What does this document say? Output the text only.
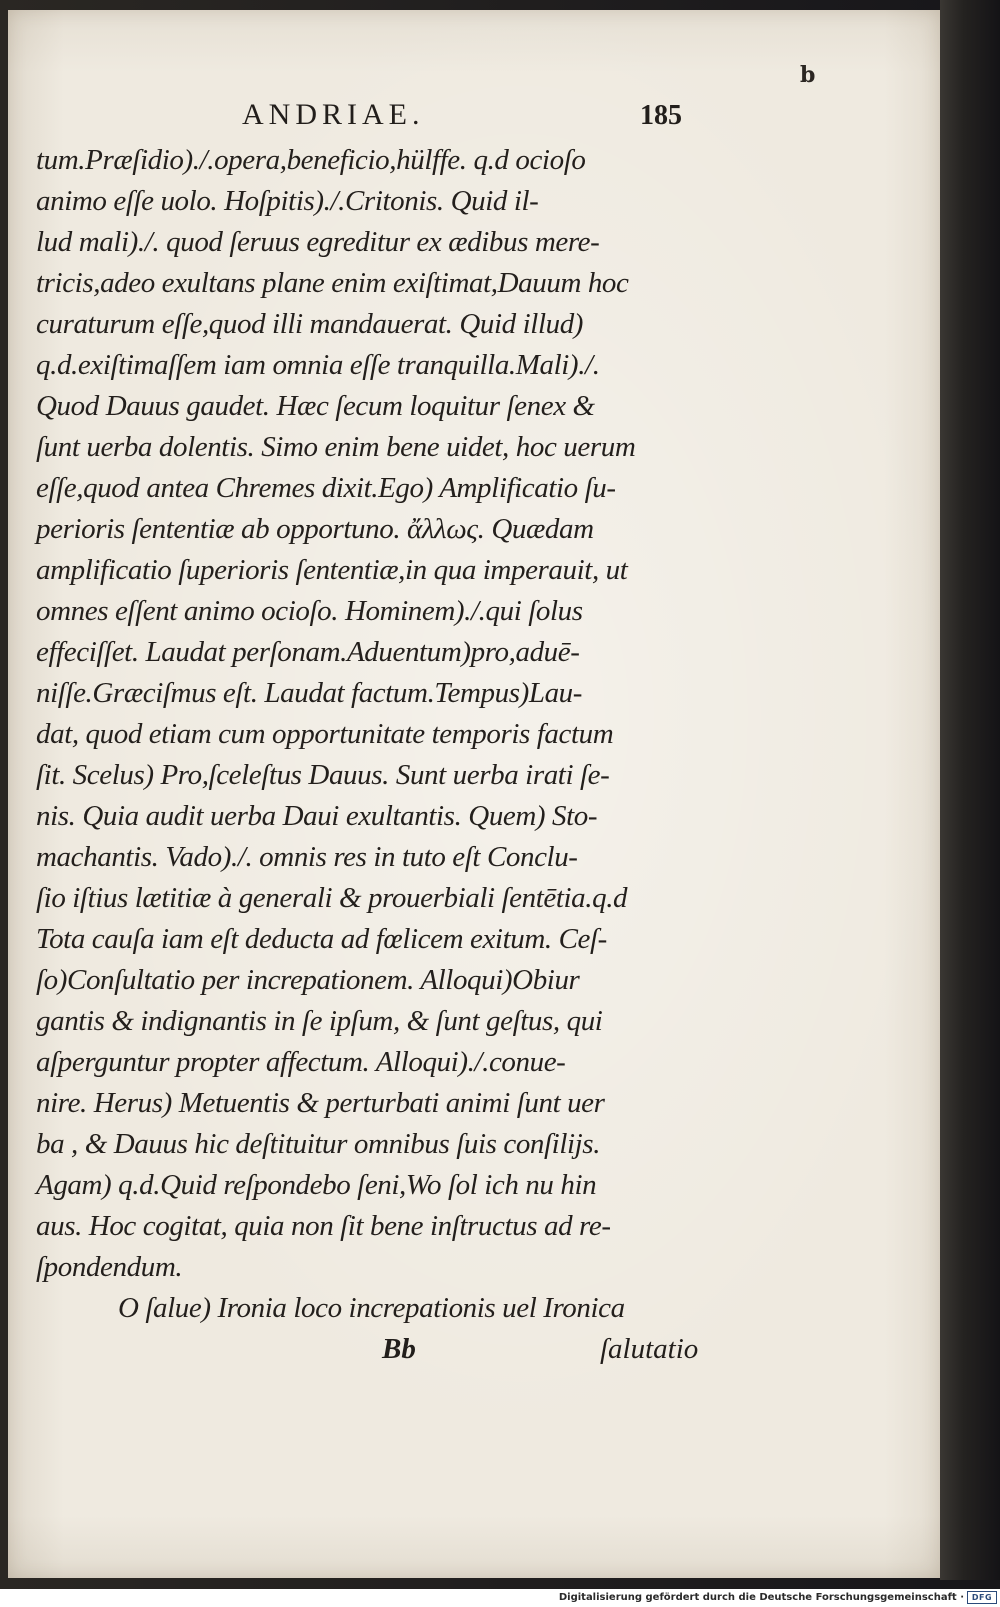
b
ANDRIAE.	185
tum.Præſidio)./.opera,beneficio,hülffe. q.d ocioſo
animo eſſe uolo. Hoſpitis)./.Critonis. Quid il-
lud mali)./. quod ſeruus egreditur ex ædibus mere-
tricis,adeo exultans plane enim exiſtimat,Dauum hoc
curaturum eſſe,quod illi mandauerat. Quid illud)
q.d.exiſtimaſſem iam omnia eſſe tranquilla.Mali)./.
Quod Dauus gaudet. Hæc ſecum loquitur ſenex &
ſunt uerba dolentis. Simo enim bene uidet, hoc uerum
eſſe,quod antea Chremes dixit.Ego) Amplificatio ſu-
perioris ſententiæ ab opportuno. ἄλλως. Quædam
amplificatio ſuperioris ſententiæ,in qua imperauit, ut
omnes eſſent animo ocioſo. Hominem)./.qui ſolus
effeciſſet. Laudat perſonam.Aduentum)pro,aduē-
niſſe.Græciſmus eſt. Laudat factum.Tempus)Lau-
dat, quod etiam cum opportunitate temporis factum
ſit. Scelus) Pro,ſceleſtus Dauus. Sunt uerba irati ſe-
nis. Quia audit uerba Daui exultantis. Quem) Sto-
machantis. Vado)./. omnis res in tuto eſt Conclu-
ſio iſtius lætitiæ à generali & prouerbiali ſentētia.q.d
Tota cauſa iam eſt deducta ad fœlicem exitum. Ceſ-
ſo)Conſultatio per increpationem. Alloqui)Obiur
gantis & indignantis in ſe ipſum, & ſunt geſtus, qui
aſperguntur propter affectum. Alloqui)./.conue-
nire. Herus) Metuentis & perturbati animi ſunt uer
ba , & Dauus hic deſtituitur omnibus ſuis conſilijs.
Agam) q.d.Quid reſpondebo ſeni,Wo ſol ich nu hin
aus. Hoc cogitat, quia non ſit bene inſtructus ad re-
ſpondendum.
O ſalue) Ironia loco increpationis uel Ironica
Bb	ſalutatio
Digitalisierung gefördert durch die Deutsche Forschungsgemeinschaft · DFG
